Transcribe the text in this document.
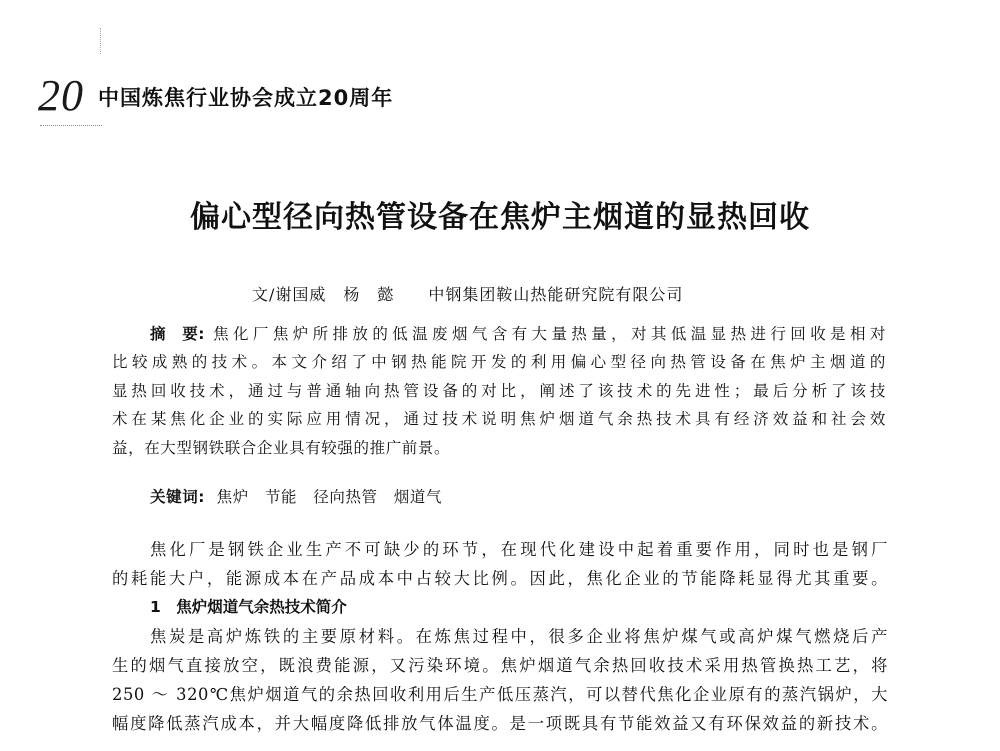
20 中国炼焦行业协会成立20周年
偏心型径向热管设备在焦炉主烟道的显热回收
文/谢国威　杨　懿　　中钢集团鞍山热能研究院有限公司
摘　要: 焦化厂焦炉所排放的低温废烟气含有大量热量，对其低温显热进行回收是相对
比较成熟的技术。本文介绍了中钢热能院开发的利用偏心型径向热管设备在焦炉主烟道的
显热回收技术，通过与普通轴向热管设备的对比，阐述了该技术的先进性；最后分析了该技
术在某焦化企业的实际应用情况，通过技术说明焦炉烟道气余热技术具有经济效益和社会效
益，在大型钢铁联合企业具有较强的推广前景。
关键词: 焦炉　节能　径向热管　烟道气
焦化厂是钢铁企业生产不可缺少的环节，在现代化建设中起着重要作用，同时也是钢厂
的耗能大户，能源成本在产品成本中占较大比例。因此，焦化企业的节能降耗显得尤其重要。
1　焦炉烟道气余热技术简介
焦炭是高炉炼铁的主要原材料。在炼焦过程中，很多企业将焦炉煤气或高炉煤气燃烧后产
生的烟气直接放空，既浪费能源，又污染环境。焦炉烟道气余热回收技术采用热管换热工艺，将
250 ～ 320℃焦炉烟道气的余热回收利用后生产低压蒸汽，可以替代焦化企业原有的蒸汽锅炉，大
幅度降低蒸汽成本，并大幅度降低排放气体温度。是一项既具有节能效益又有环保效益的新技术。
